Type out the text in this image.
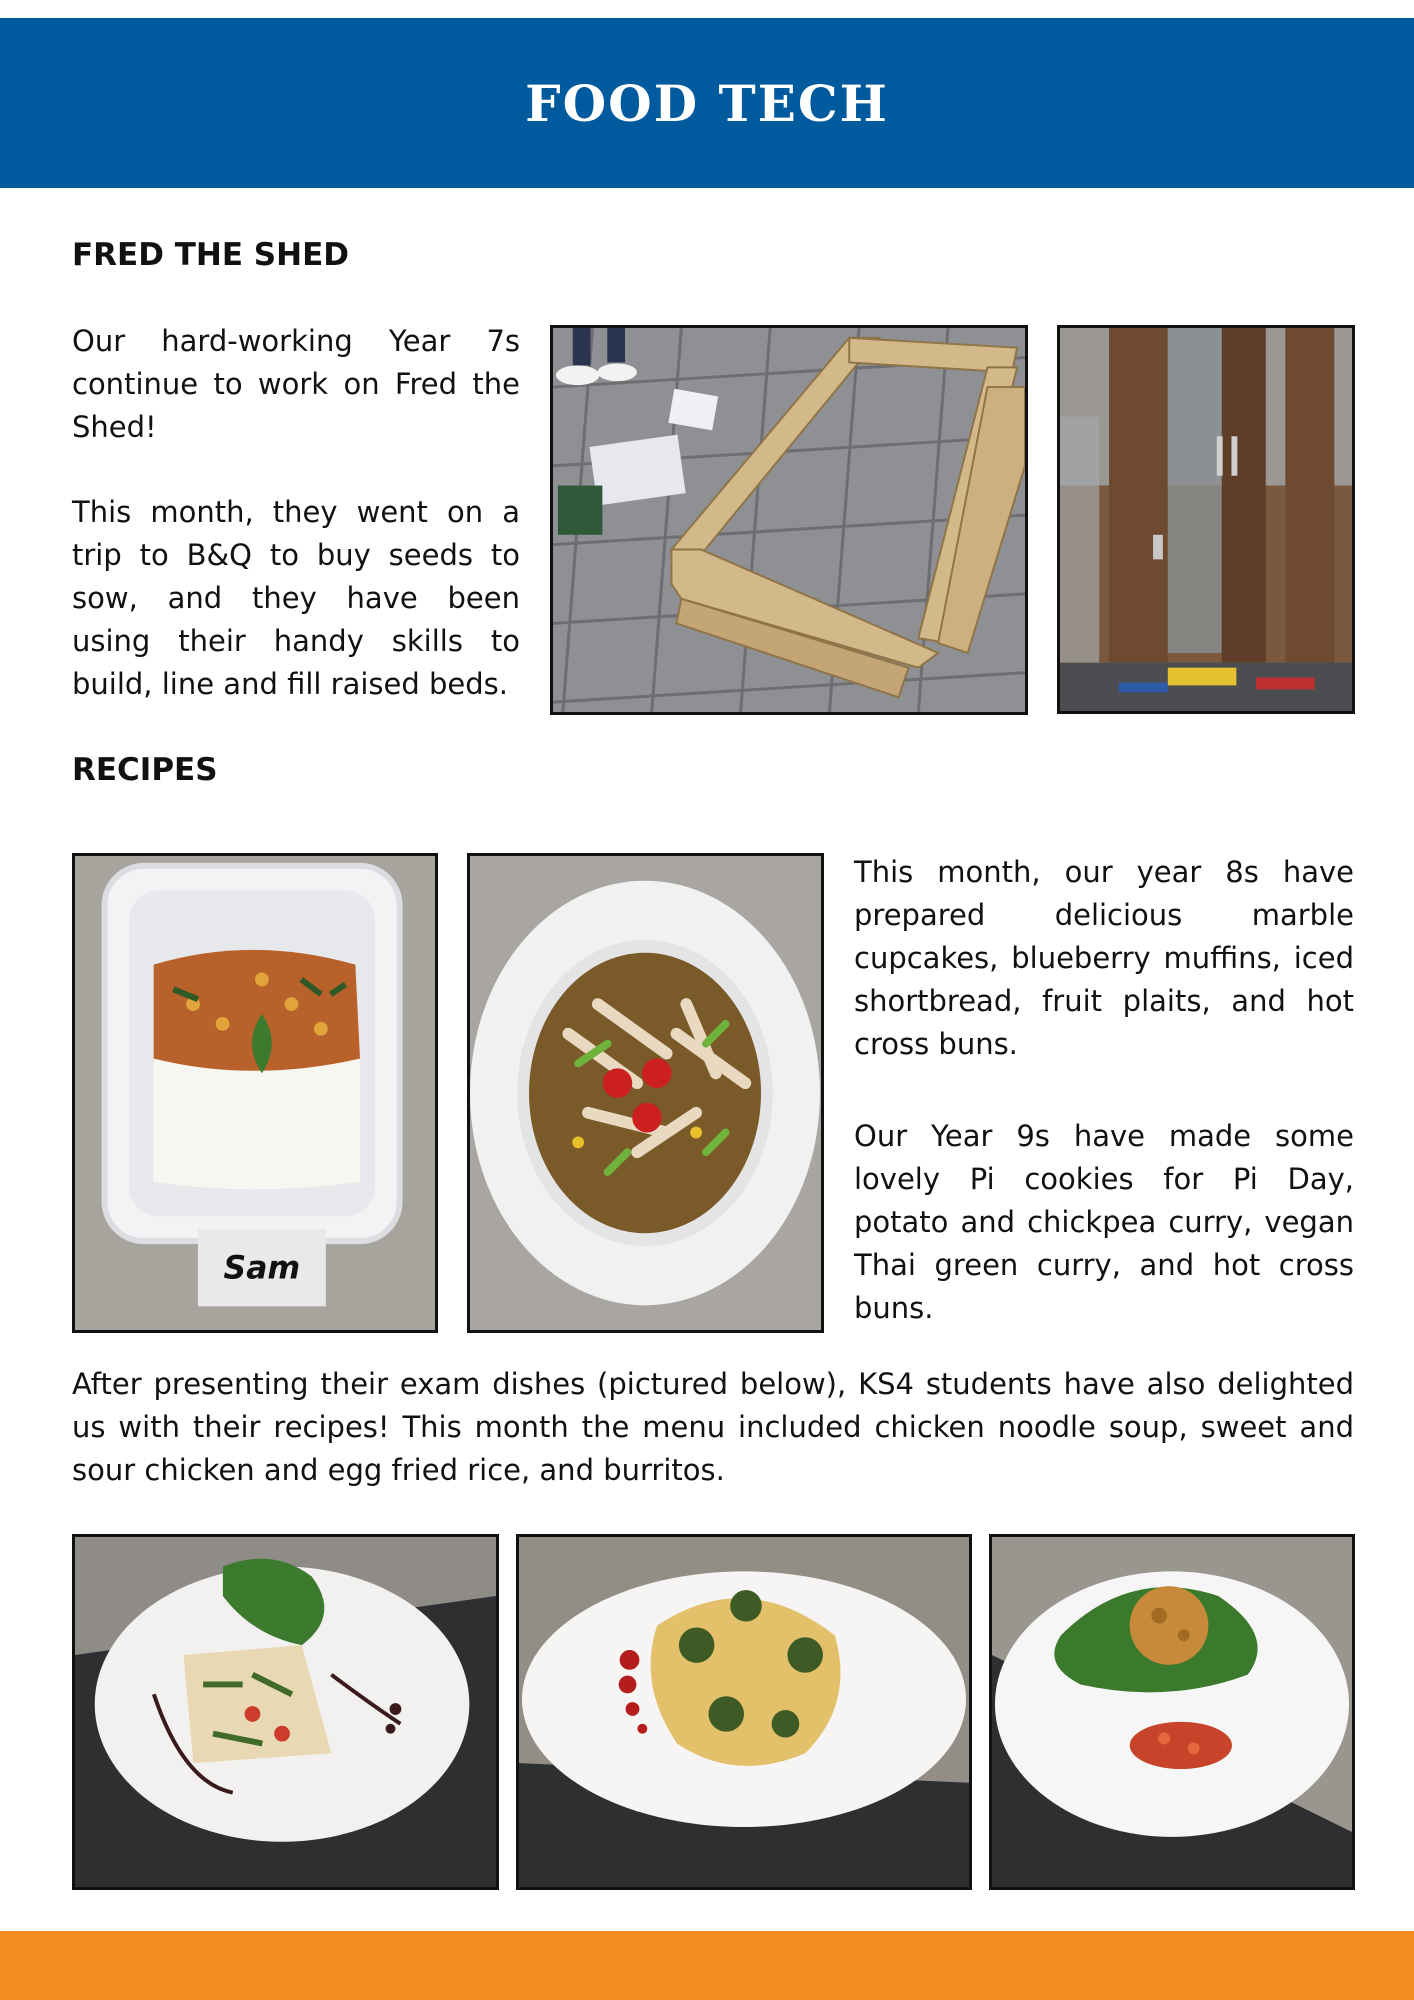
FOOD TECH
FRED THE SHED

Our hard-working Year 7s continue to work on Fred the Shed!

This month, they went on a trip to B&Q to buy seeds to sow, and they have been using their handy skills to build, line and fill raised beds.

RECIPES
Sam

This month, our year 8s have prepared delicious marble cupcakes, blueberry muffins, iced shortbread, fruit plaits, and hot cross buns.

Our Year 9s have made some lovely Pi cookies for Pi Day, potato and chickpea curry, vegan Thai green curry, and hot cross buns.

After presenting their exam dishes (pictured below), KS4 students have also delighted us with their recipes! This month the menu included chicken noodle soup, sweet and sour chicken and egg fried rice, and burritos.
